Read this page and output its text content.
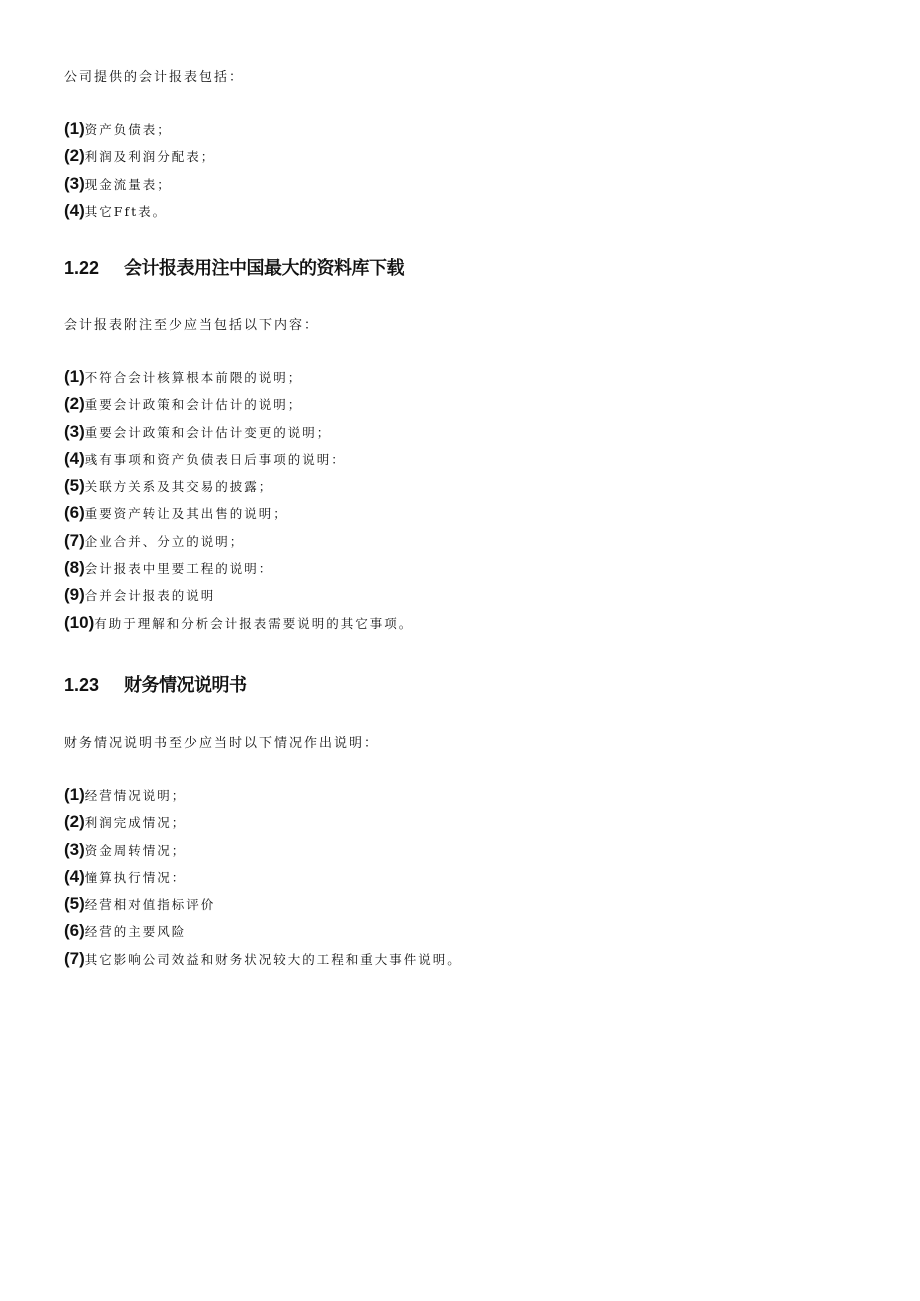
公司提供的会计报表包括：

(1)资产负债表；
(2)利润及利润分配表；
(3)现金流量表；
(4)其它Fft表。
1.22 会计报表用注中国最大的资料库下载

会计报表附注至少应当包括以下内容：

(1)不符合会计核算根本前隈的说明；
(2)重要会计政策和会计估计的说明；
(3)重要会计政策和会计估计变更的说明；
(4)彧有事项和资产负债表日后事项的说明：
(5)关联方关系及其交易的披露；
(6)重要资产转让及其出售的说明；
(7)企业合并、分立的说明；
(8)会计报表中里要工程的说明：
(9)合并会计报表的说明
(10)有助于理解和分析会计报表需要说明的其它事项。
1.23 财务情况说明书

财务情况说明书至少应当时以下情况作出说明：

(1)经营情况说明；
(2)利润完成情况；
(3)资金周转情况；
(4)憧算执行情况：
(5)经营相对值指标评价
(6)经营的主要风险
(7)其它影响公司效益和财务状况较大的工程和重大事件说明。
